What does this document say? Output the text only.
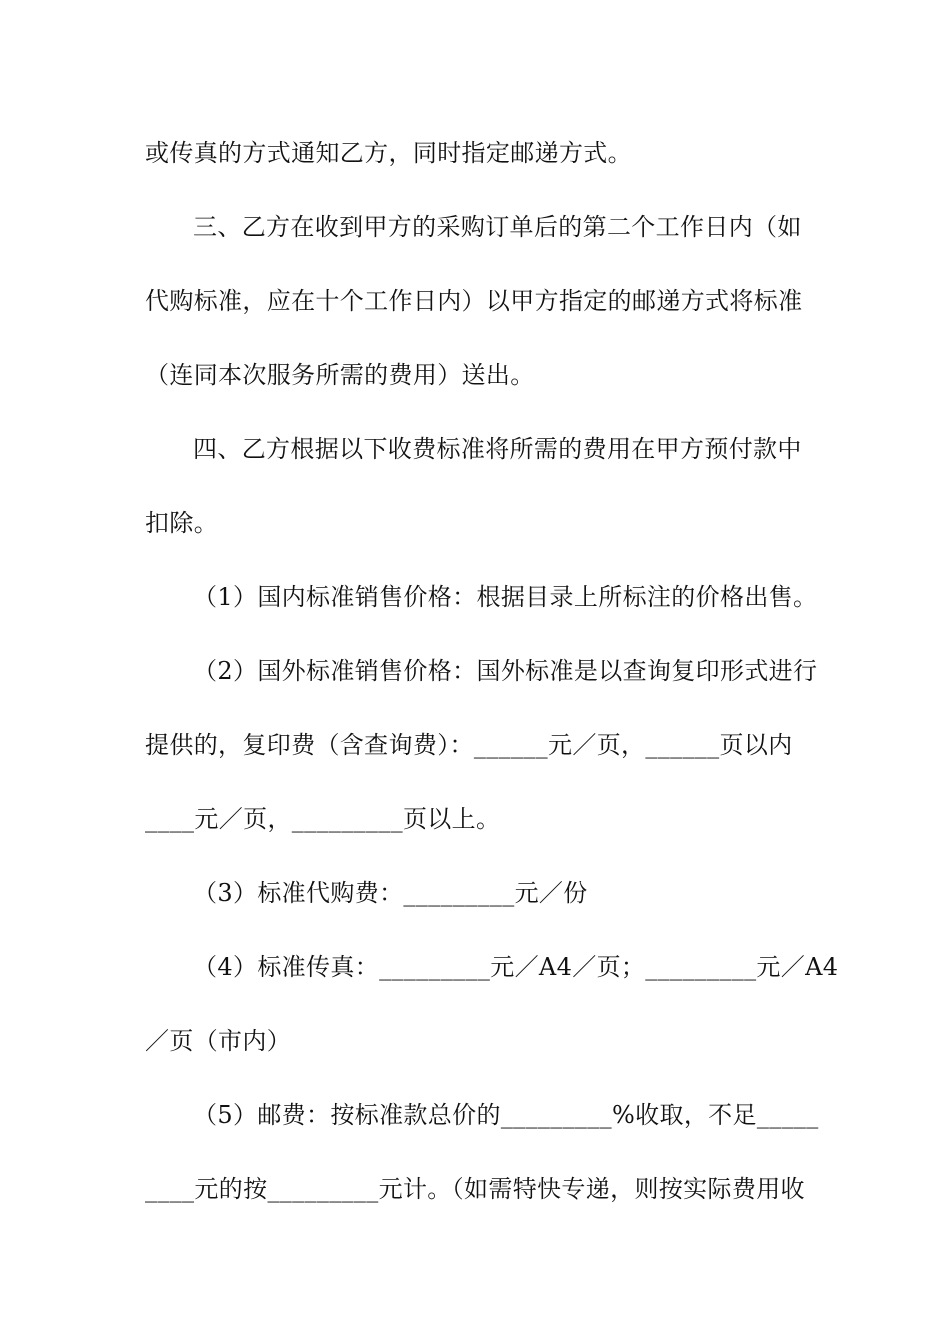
或传真的方式通知乙方，同时指定邮递方式。
三、乙方在收到甲方的采购订单后的第二个工作日内（如
代购标准，应在十个工作日内）以甲方指定的邮递方式将标准
（连同本次服务所需的费用）送出。
四、乙方根据以下收费标准将所需的费用在甲方预付款中
扣除。
（1）国内标准销售价格：根据目录上所标注的价格出售。
（2）国外标准销售价格：国外标准是以查询复印形式进行
提供的，复印费（含查询费）：______元／页，______页以内
____元／页，_________页以上。
（3）标准代购费：_________元／份
（4）标准传真：_________元／A4／页；_________元／A4
／页（市内）
（5）邮费：按标准款总价的_________%收取，不足_____
____元的按_________元计。（如需特快专递，则按实际费用收
